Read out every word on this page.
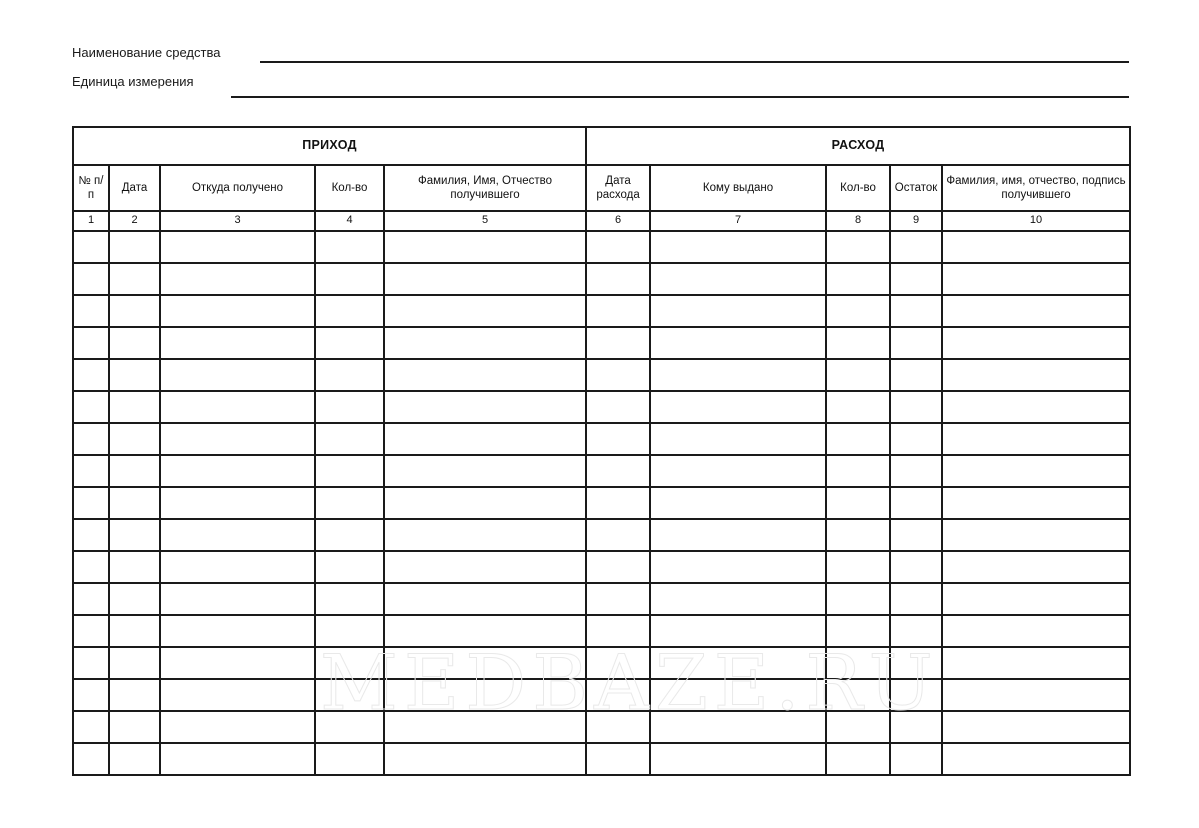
Наименование средства
Единица измерения
ПРИХОД					РАСХОД				

№ п/п	Дата	Откуда получено	Кол-во	Фамилия, Имя, Отчество получившего	Дата расхода	Кому выдано	Кол-во	Остаток	Фамилия, имя, отчество, подпись получившего

1	2	3	4	5	6	7	8	9	10

MEDBAZE.RU
